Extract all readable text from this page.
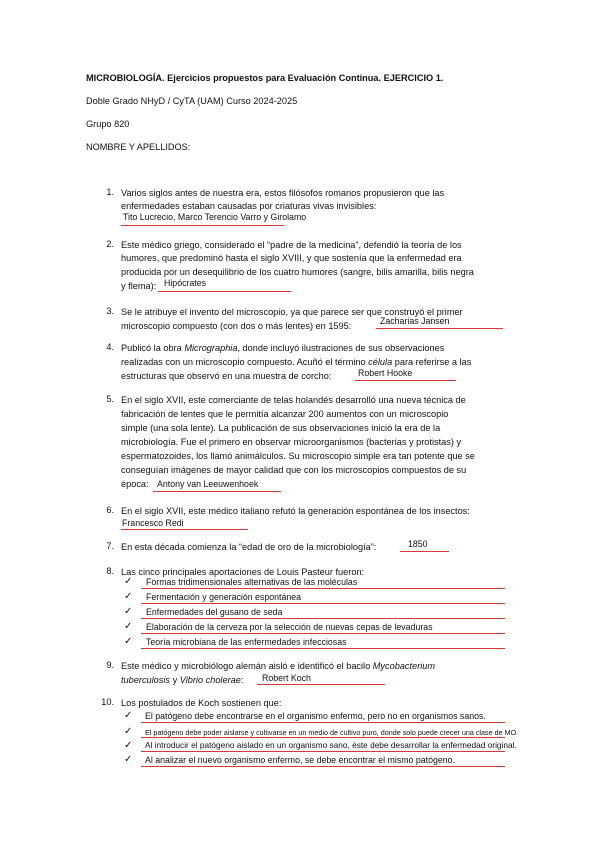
MICROBIOLOGÍA. Ejercicios propuestos para Evaluación Continua. EJERCICIO 1.
Doble Grado NHyD / CyTA (UAM) Curso 2024-2025
Grupo 820
NOMBRE Y APELLIDOS:
1. Varios siglos antes de nuestra era, estos filósofos romanos propusieron que las
enfermedades estaban causadas por criaturas vivas invisibles:
Tito Lucrecio, Marco Terencio Varro y Girolamo
2. Este médico griego, considerado el “padre de la medicina”, defendió la teoría de los
humores, que predominó hasta el siglo XVIII, y que sostenía que la enfermedad era
producida por un desequilibrio de los cuatro humores (sangre, bilis amarilla, bilis negra
y flema): Hipócrates
3. Se le atribuye el invento del microscopio, ya que parece ser que construyó el primer
microscopio compuesto (con dos o más lentes) en 1595:	Zacharias Jansen
4. Publicó la obra Micrographia, donde incluyó ilustraciones de sus observaciones
realizadas con un microscopio compuesto. Acuñó el término célula para referirse a las
estructuras que observó en una muestra de corcho:	Robert Hooke
5. En el siglo XVII, este comerciante de telas holandés desarrolló una nueva técnica de
fabricación de lentes que le permitía alcanzar 200 aumentos con un microscopio
simple (una sola lente). La publicación de sus observaciones inició la era de la
microbiología. Fue el primero en observar microorganismos (bacterias y protistas) y
espermatozoides, los llamó animálculos. Su microscopio simple era tan potente que se
conseguían imágenes de mayor calidad que con los microscopios compuestos de su
época: Antony van Leeuwenhoek
6. En el siglo XVII, este médico italiano refutó la generación espontánea de los insectos:
Francesco Redi
7. En esta década comienza la “edad de oro de la microbiología”:	1850
8. Las cinco principales aportaciones de Louis Pasteur fueron:
✓ Formas tridimensionales alternativas de las moléculas
✓ Fermentación y generación espontánea
✓ Enfermedades del gusano de seda
✓ Elaboración de la cerveza por la selección de nuevas cepas de levaduras
✓ Teoría microbiana de las enfermedades infecciosas
9. Este médico y microbiólogo alemán aisló e identificó el bacilo Mycobacterium
tuberculosis y Vibrio cholerae: Robert Koch
10. Los postulados de Koch sostienen que:
✓ El patógeno debe encontrarse en el organismo enfermo, pero no en organismos sanos.
✓ El patógeno debe poder aislarse y cultivarse en un medio de cultivo puro, donde solo puede crecer una clase de MO.
✓ Al introducir el patógeno aislado en un organismo sano, éste debe desarrollar la enfermedad original.
✓ Al analizar el nuevo organismo enfermo, se debe encontrar el mismo patógeno.
